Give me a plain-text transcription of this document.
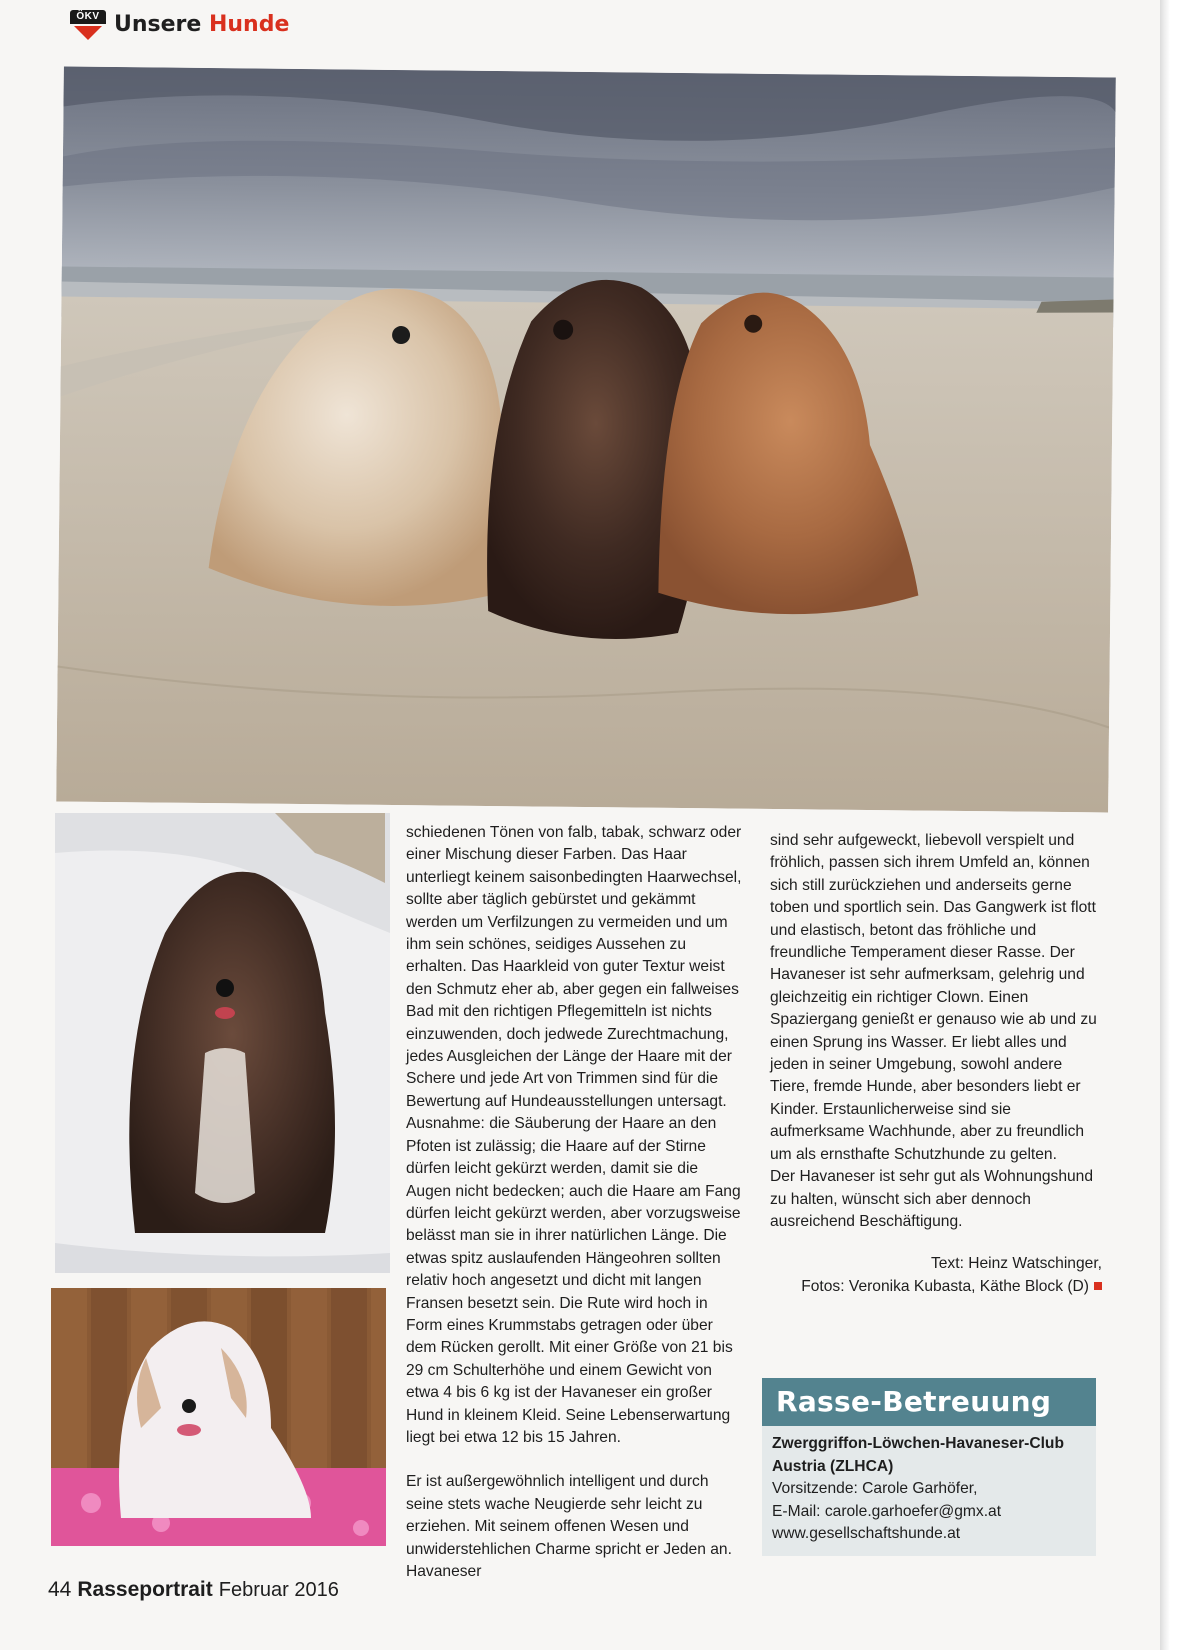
ÖKV Unsere Hunde

schiedenen Tönen von falb, tabak, schwarz oder einer Mischung dieser Farben. Das Haar unterliegt keinem saisonbedingten Haarwechsel, sollte aber täglich gebürstet und gekämmt werden um Verfilzungen zu vermeiden und um ihm sein schönes, seidiges Aussehen zu erhalten. Das Haarkleid von guter Textur weist den Schmutz eher ab, aber gegen ein fallweises Bad mit den richtigen Pflegemitteln ist nichts einzuwenden, doch jedwede Zurechtmachung, jedes Ausgleichen der Länge der Haare mit der Schere und jede Art von Trimmen sind für die Bewertung auf Hundeausstellungen untersagt. Ausnahme: die Säuberung der Haare an den Pfoten ist zulässig; die Haare auf der Stirne dürfen leicht gekürzt werden, damit sie die Augen nicht bedecken; auch die Haare am Fang dürfen leicht gekürzt werden, aber vorzugsweise belässt man sie in ihrer natürlichen Länge. Die etwas spitz auslaufenden Hängeohren sollten relativ hoch angesetzt und dicht mit langen Fransen besetzt sein. Die Rute wird hoch in Form eines Krummstabs getragen oder über dem Rücken gerollt. Mit einer Größe von 21 bis 29 cm Schulterhöhe und einem Gewicht von etwa 4 bis 6 kg ist der Havaneser ein großer Hund in kleinem Kleid. Seine Lebenserwartung liegt bei etwa 12 bis 15 Jahren.

Er ist außergewöhnlich intelligent und durch seine stets wache Neugierde sehr leicht zu erziehen. Mit seinem offenen Wesen und unwiderstehlichen Charme spricht er Jeden an. Havaneser

sind sehr aufgeweckt, liebevoll verspielt und fröhlich, passen sich ihrem Umfeld an, können sich still zurückziehen und anderseits gerne toben und sportlich sein. Das Gangwerk ist flott und elastisch, betont das fröhliche und freundliche Temperament dieser Rasse. Der Havaneser ist sehr aufmerksam, gelehrig und gleichzeitig ein richtiger Clown. Einen Spaziergang genießt er genauso wie ab und zu einen Sprung ins Wasser. Er liebt alles und jeden in seiner Umgebung, sowohl andere Tiere, fremde Hunde, aber besonders liebt er Kinder. Erstaunlicherweise sind sie aufmerksame Wachhunde, aber zu freundlich um als ernsthafte Schutzhunde zu gelten.

Der Havaneser ist sehr gut als Wohnungshund zu halten, wünscht sich aber dennoch ausreichend Beschäftigung.

Text: Heinz Watschinger,
Fotos: Veronika Kubasta, Käthe Block (D)
Rasse-Betreuung
Zwerggriffon-Löwchen-Havaneser-Club Austria (ZLHCA)
Vorsitzende: Carole Garhöfer,
E-Mail: carole.garhoefer@gmx.at
www.gesellschaftshunde.at
44 Rasseportrait Februar 2016
